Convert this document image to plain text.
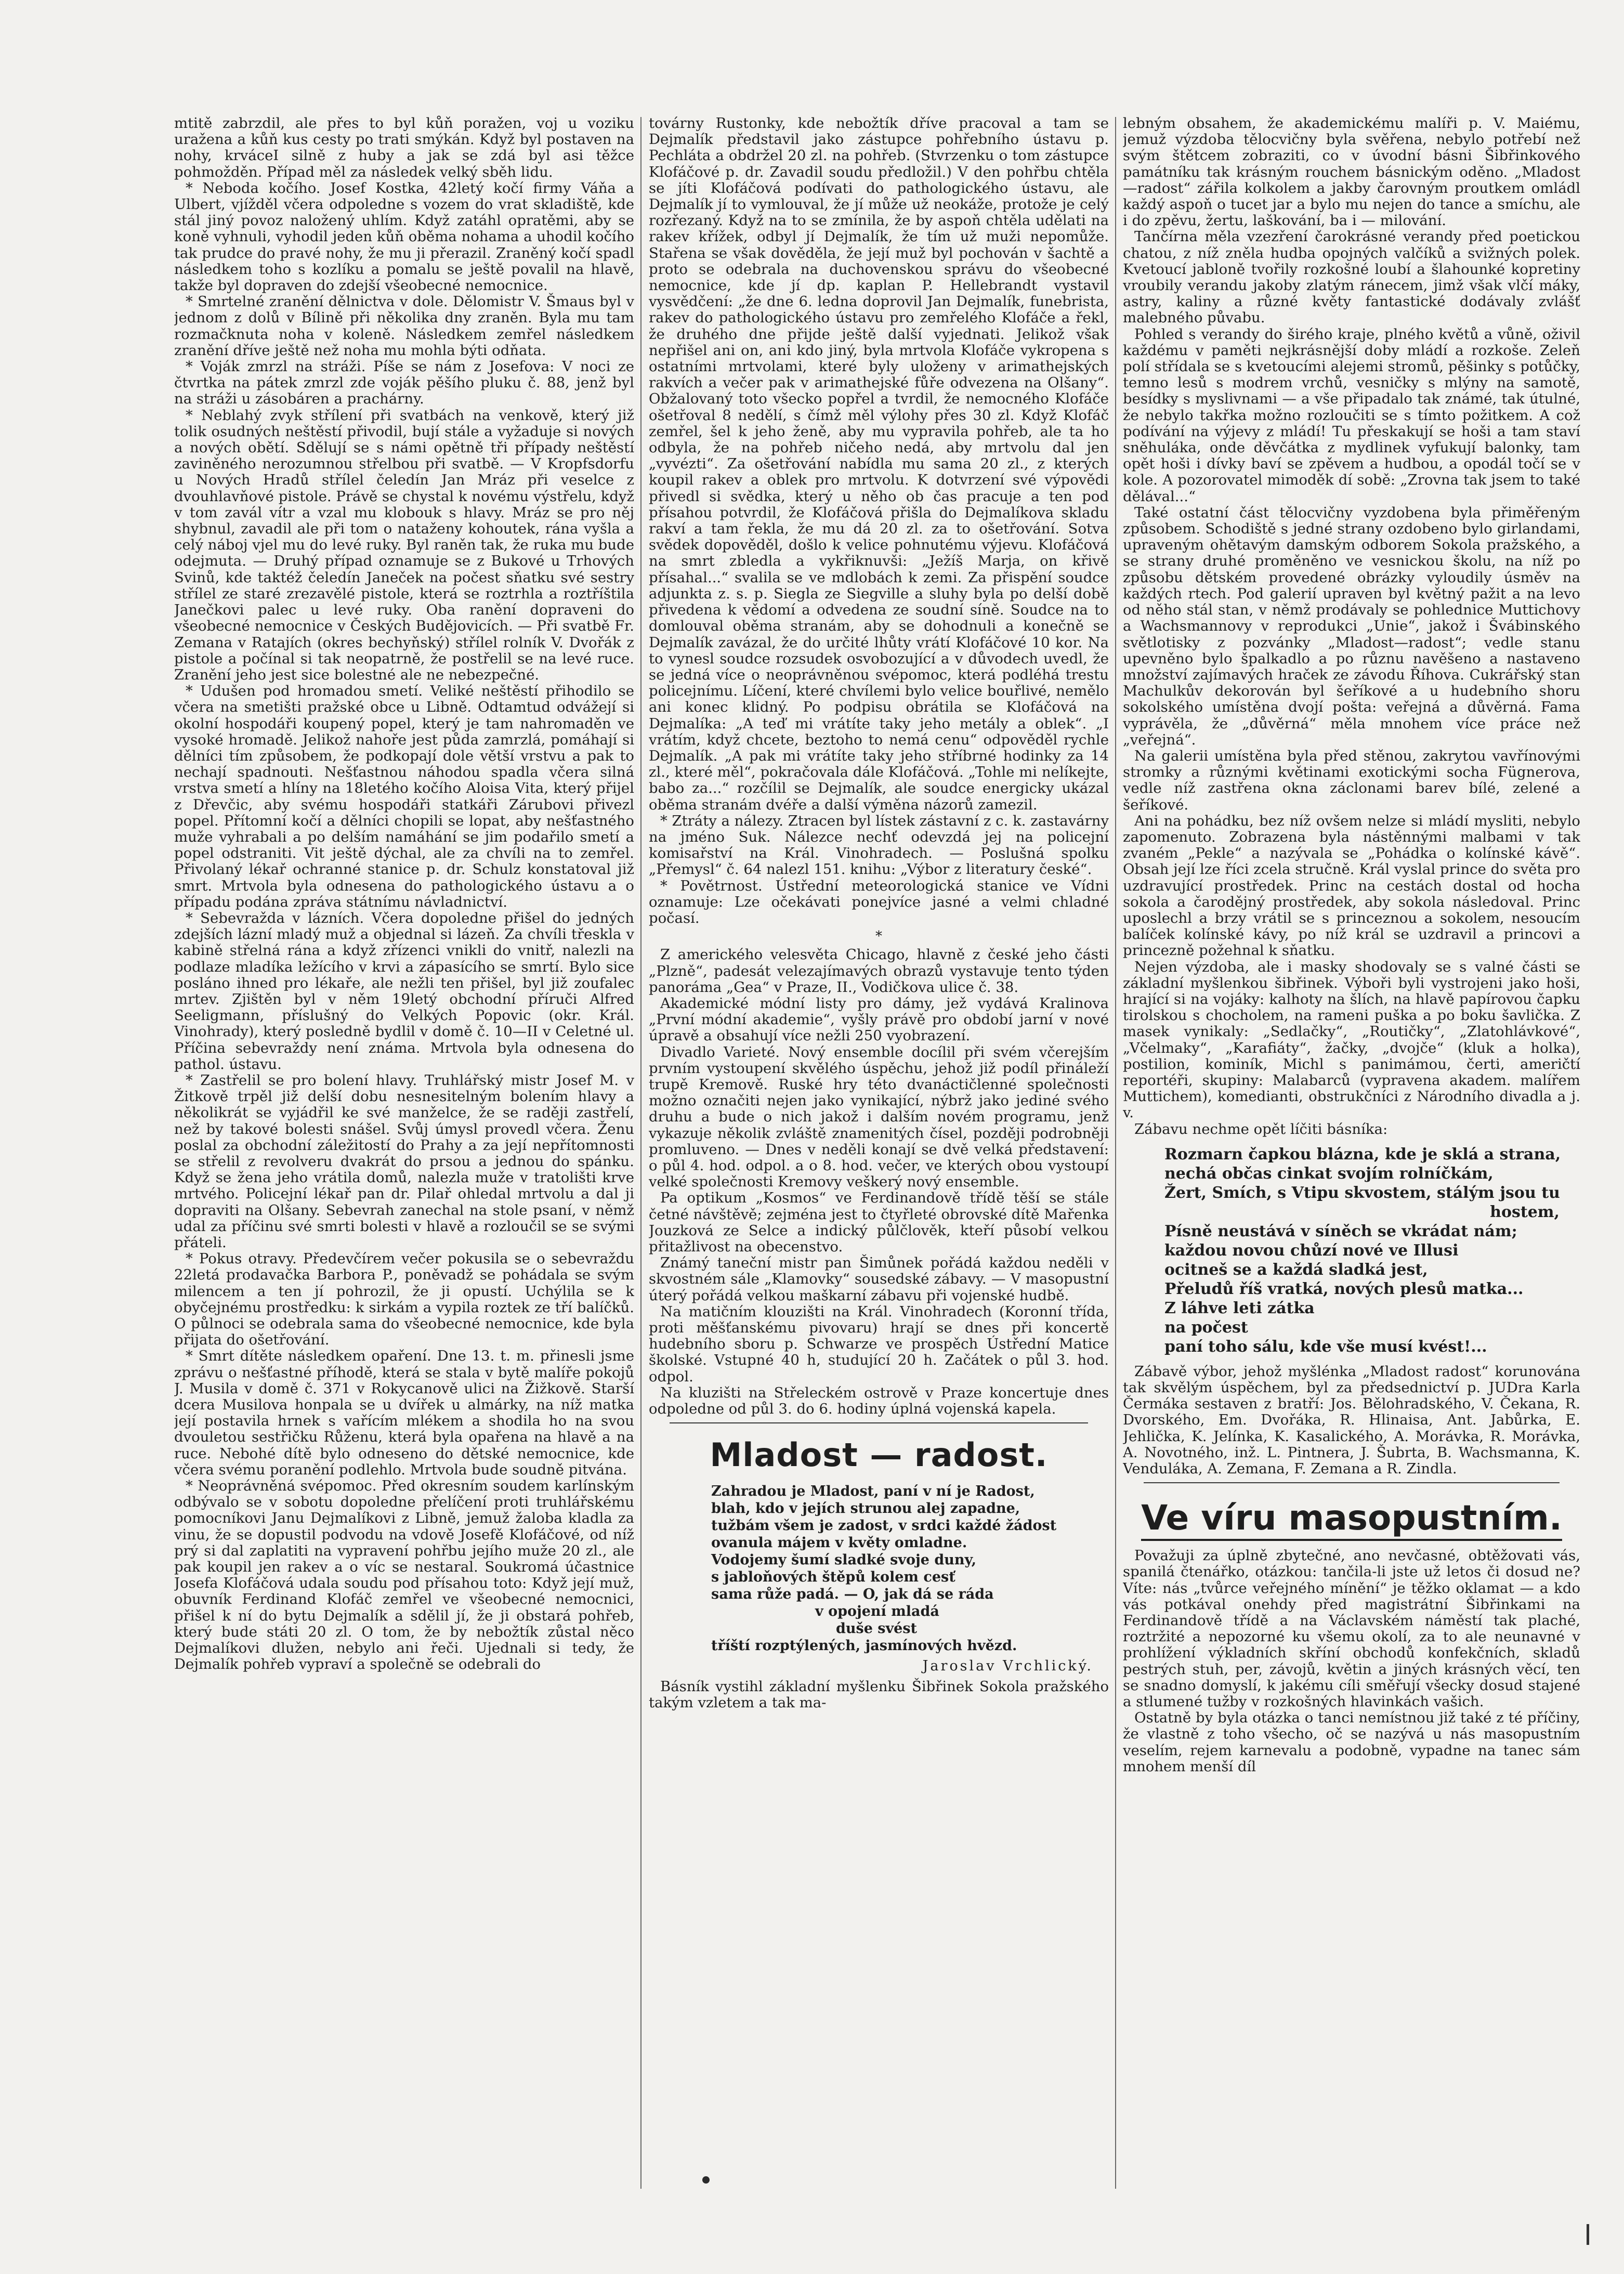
mtitě zabrzdil, ale přes to byl kůň poražen, voj u voziku uražena a kůň kus cesty po trati smýkán. Když byl postaven na nohy, krváceI silně z huby a jak se zdá byl asi těžce pohmožděn. Případ měl za následek velký sběh lidu.

* Neboda kočího. Josef Kostka, 42letý kočí firmy Váňa a Ulbert, vjížděl včera odpoledne s vozem do vrat skladiště, kde stál jiný povoz naložený uhlím. Když zatáhl opratěmi, aby se koně vyhnuli, vyhodil jeden kůň oběma nohama a uhodil kočího tak prudce do pravé nohy, že mu ji přerazil. Zraněný kočí spadl následkem toho s kozlíku a pomalu se ještě povalil na hlavě, takže byl dopraven do zdejší všeobecné nemocnice.

* Smrtelné zranění dělnictva v dole. Dělomistr V. Šmaus byl v jednom z dolů v Bílině při několika dny zraněn. Byla mu tam rozmačknuta noha v koleně. Následkem zemřel následkem zranění dříve ještě než noha mu mohla býti odňata.

* Voják zmrzl na stráži. Píše se nám z Josefova: V noci ze čtvrtka na pátek zmrzl zde voják pěšího pluku č. 88, jenž byl na stráži u zásobáren a prachárny.

* Neblahý zvyk střílení při svatbách na venkově, který již tolik osudných neštěstí přivodil, bují stále a vyžaduje si nových a nových obětí. Sdělují se s námi opětně tři případy neštěstí zaviněného nerozumnou střelbou při svatbě. — V Kropfsdorfu u Nových Hradů střílel čeledín Jan Mráz při veselce z dvouhlavňové pistole. Právě se chystal k novému výstřelu, když v tom zavál vítr a vzal mu klobouk s hlavy. Mráz se pro něj shybnul, zavadil ale při tom o nataženy kohoutek, rána vyšla a celý náboj vjel mu do levé ruky. Byl raněn tak, že ruka mu bude odejmuta. — Druhý případ oznamuje se z Bukové u Trhových Svinů, kde taktéž čeledín Janeček na počest sňatku své sestry střílel ze staré zrezavělé pistole, která se roztrhla a roztříštila Janečkovi palec u levé ruky. Oba ranění dopraveni do všeobecné nemocnice v Českých Budějovicích. — Při svatbě Fr. Zemana v Ratajích (okres bechyňský) střílel rolník V. Dvořák z pistole a počínal si tak neopatrně, že postřelil se na levé ruce. Zranění jeho jest sice bolestné ale ne nebezpečné.

* Udušen pod hromadou smetí. Veliké neštěstí přihodilo se včera na smetišti pražské obce u Libně. Odtamtud odvážejí si okolní hospodáři koupený popel, který je tam nahromaděn ve vysoké hromadě. Jelikož nahoře jest půda zamrzlá, pomáhají si dělníci tím způsobem, že podkopají dole větší vrstvu a pak to nechají spadnouti. Nešťastnou náhodou spadla včera silná vrstva smetí a hlíny na 18letého kočího Aloisa Vita, který přijel z Dřevčic, aby svému hospodáři statkáři Zárubovi přivezl popel. Přítomní kočí a dělníci chopili se lopat, aby nešťastného muže vyhrabali a po delším namáhání se jim podařilo smetí a popel odstraniti. Vit ještě dýchal, ale za chvíli na to zemřel. Přivolaný lékař ochranné stanice p. dr. Schulz konstatoval již smrt. Mrtvola byla odnesena do pathologického ústavu a o případu podána zpráva státnímu návladnictví.

* Sebevražda v lázních. Včera dopoledne přišel do jedných zdejších lázní mladý muž a objednal si lázeň. Za chvíli třeskla v kabině střelná rána a když zřízenci vnikli do vnitř, nalezli na podlaze mladíka ležícího v krvi a zápasícího se smrtí. Bylo sice posláno ihned pro lékaře, ale nežli ten přišel, byl již zoufalec mrtev. Zjištěn byl v něm 19letý obchodní příruči Alfred Seeligmann, příslušný do Velkých Popovic (okr. Král. Vinohrady), který posledně bydlil v domě č. 10—II v Celetné ul. Příčina sebevraždy není známa. Mrtvola byla odnesena do pathol. ústavu.

* Zastřelil se pro bolení hlavy. Truhlářský mistr Josef M. v Žitkově trpěl již delší dobu nesnesitelným bolením hlavy a několikrát se vyjádřil ke své manželce, že se raději zastřelí, než by takové bolesti snášel. Svůj úmysl provedl včera. Ženu poslal za obchodní záležitostí do Prahy a za její nepřítomnosti se střelil z revolveru dvakrát do prsou a jednou do spánku. Když se žena jeho vrátila domů, nalezla muže v tratolišti krve mrtvého. Policejní lékař pan dr. Pilař ohledal mrtvolu a dal ji dopraviti na Olšany. Sebevrah zanechal na stole psaní, v němž udal za příčinu své smrti bolesti v hlavě a rozloučil se se svými přáteli.

* Pokus otravy. Předevčírem večer pokusila se o sebevraždu 22letá prodavačka Barbora P., poněvadž se pohádala se svým milencem a ten jí pohrozil, že ji opustí. Uchýlila se k obyčejnému prostředku: k sirkám a vypila roztek ze tří balíčků. O půlnoci se odebrala sama do všeobecné nemocnice, kde byla přijata do ošetřování.

* Smrt dítěte následkem opaření. Dne 13. t. m. přinesli jsme zprávu o nešťastné příhodě, která se stala v bytě malíře pokojů J. Musila v domě č. 371 v Rokycanově ulici na Žižkově. Starší dcera Musilova honpala se u dvířek u almárky, na níž matka její postavila hrnek s vařícím mlékem a shodila ho na svou dvouletou sestřičku Růženu, která byla opařena na hlavě a na ruce. Nebohé dítě bylo odneseno do dětské nemocnice, kde včera svému poranění podlehlo. Mrtvola bude soudně pitvána.

* Neoprávněná svépomoc. Před okresním soudem karlínským odbývalo se v sobotu dopoledne přelíčení proti truhlářskému pomocníkovi Janu Dejmalíkovi z Libně, jemuž žaloba kladla za vinu, že se dopustil podvodu na vdově Josefě Klofáčové, od níž prý si dal zaplatiti na vypravení pohřbu jejího muže 20 zl., ale pak koupil jen rakev a o víc se nestaral. Soukromá účastnice Josefa Klofáčová udala soudu pod přísahou toto: Když její muž, obuvník Ferdinand Klofáč zemřel ve všeobecné nemocnici, přišel k ní do bytu Dejmalík a sdělil jí, že ji obstará pohřeb, který bude státi 20 zl. O tom, že by nebožtík zůstal něco Dejmalíkovi dlužen, nebylo ani řeči. Ujednali si tedy, že Dejmalík pohřeb vypraví a společně se odebrali do

továrny Rustonky, kde nebožtík dříve pracoval a tam se Dejmalík představil jako zástupce pohřebního ústavu p. Pechláta a obdržel 20 zl. na pohřeb. (Stvrzenku o tom zástupce Klofáčové p. dr. Zavadil soudu předložil.) V den pohřbu chtěla se jíti Klofáčová podívati do pathologického ústavu, ale Dejmalík jí to vymlouval, že jí může už neokáže, protože je celý rozřezaný. Když na to se zmínila, že by aspoň chtěla udělati na rakev křížek, odbyl jí Dejmalík, že tím už muži nepomůže. Stařena se však dověděla, že její muž byl pochován v šachtě a proto se odebrala na duchovenskou správu do všeobecné nemocnice, kde jí dp. kaplan P. Hellebrandt vystavil vysvědčení: „že dne 6. ledna doprovil Jan Dejmalík, funebrista, rakev do pathologického ústavu pro zemřelého Klofáče a řekl, že druhého dne přijde ještě další vyjednati. Jelikož však nepřišel ani on, ani kdo jiný, byla mrtvola Klofáče vykropena s ostatními mrtvolami, které byly uloženy v arimathejských rakvích a večer pak v arimathejské fůře odvezena na Olšany“. Obžalovaný toto všecko popřel a tvrdil, že nemocného Klofáče ošetřoval 8 nedělí, s čímž měl výlohy přes 30 zl. Když Klofáč zemřel, šel k jeho ženě, aby mu vypravila pohřeb, ale ta ho odbyla, že na pohřeb ničeho nedá, aby mrtvolu dal jen „vyvézti“. Za ošetřování nabídla mu sama 20 zl., z kterých koupil rakev a oblek pro mrtvolu. K dotvrzení své výpovědi přivedl si svědka, který u něho ob čas pracuje a ten pod přísahou potvrdil, že Klofáčová přišla do Dejmalíkova skladu rakví a tam řekla, že mu dá 20 zl. za to ošetřování. Sotva svědek dopověděl, došlo k velice pohnutému výjevu. Klofáčová na smrt zbledla a vykřiknuvši: „Ježíš Marja, on křivě přísahal...“ svalila se ve mdlobách k zemi. Za přispění soudce adjunkta z. s. p. Siegla ze Siegville a sluhy byla po delší době přivedena k vědomí a odvedena ze soudní síně. Soudce na to domlouval oběma stranám, aby se dohodnuli a konečně se Dejmalík zavázal, že do určité lhůty vrátí Klofáčové 10 kor. Na to vynesl soudce rozsudek osvobozující a v důvodech uvedl, že se jedná více o neoprávněnou svépomoc, která podléhá trestu policejnímu. Líčení, které chvílemi bylo velice bouřlivé, nemělo ani konec klidný. Po podpisu obrátila se Klofáčová na Dejmalíka: „A teď mi vrátíte taky jeho metály a oblek“. „I vrátím, když chcete, beztoho to nemá cenu“ odpověděl rychle Dejmalík. „A pak mi vrátíte taky jeho stříbrné hodinky za 14 zl., které měl“, pokračovala dále Klofáčová. „Tohle mi nelíkejte, babo za...“ rozčílil se Dejmalík, ale soudce energicky ukázal oběma stranám dvéře a další výměna názorů zamezil.

* Ztráty a nálezy. Ztracen byl lístek zástavní z c. k. zastavárny na jméno Suk. Nálezce nechť odevzdá jej na policejní komisařství na Král. Vinohradech. — Poslušná spolku „Přemysl“ č. 64 nalezl 151. knihu: „Výbor z literatury české“.

* Povětrnost. Ústřední meteorologická stanice ve Vídni oznamuje: Lze očekávati ponejvíce jasné a velmi chladné počasí.

*

Z amerického velesvěta Chicago, hlavně z české jeho části „Plzně“, padesát velezajímavých obrazů vystavuje tento týden panoráma „Gea“ v Praze, II., Vodičkova ulice č. 38.

Akademické módní listy pro dámy, jež vydává Kralinova „První módní akademie“, vyšly právě pro období jarní v nové úpravě a obsahují více nežli 250 vyobrazení.

Divadlo Varieté. Nový ensemble docílil při svém včerejším prvním vystoupení skvělého úspěchu, jehož již podíl přináleží trupě Kremově. Ruské hry této dvanáctičlenné společnosti možno označiti nejen jako vynikající, nýbrž jako jediné svého druhu a bude o nich jakož i dalším novém programu, jenž vykazuje několik zvláště znamenitých čísel, později podrobněji promluveno. — Dnes v neděli konají se dvě velká představení: o půl 4. hod. odpol. a o 8. hod. večer, ve kterých obou vystoupí velké společnosti Kremovy veškerý nový ensemble.

Pa optikum „Kosmos“ ve Ferdinandově třídě těší se stále četné návštěvě; zejména jest to čtyřleté obrovské dítě Mařenka Jouzková ze Selce a indický půlčlověk, kteří působí velkou přitažlivost na obecenstvo.

Známý taneční mistr pan Šimůnek pořádá každou neděli v skvostném sále „Klamovky“ sousedské zábavy. — V masopustní úterý pořádá velkou maškarní zábavu při vojenské hudbě.

Na matičním klouzišti na Král. Vinohradech (Koronní třída, proti měšťanskému pivovaru) hrají se dnes při koncertě hudebního sboru p. Schwarze ve prospěch Ústřední Matice školské. Vstupné 40 h, studující 20 h. Začátek o půl 3. hod. odpol.

Na kluzišti na Střeleckém ostrově v Praze koncertuje dnes odpoledne od půl 3. do 6. hodiny úplná vojenská kapela.

Mladost — radost.
Zahradou je Mladost, paní v ní je Radost,
blah, kdo v jejích strunou alej zapadne,
tužbám všem je zadost, v srdci každé žádost
ovanula májem v květy omladne.
Vodojemy šumí sladké svoje duny,
s jabloňových štěpů kolem cesť
sama růže padá. — O, jak dá se ráda
v opojení mladá
duše svést
tříští rozptýlených, jasmínových hvězd.
Jaroslav Vrchlický.

Básník vystihl základní myšlenku Šibřinek Sokola pražského takým vzletem a tak ma-

lebným obsahem, že akademickému malíři p. V. Maiému, jemuž výzdoba tělocvičny byla svěřena, nebylo potřebí než svým štětcem zobraziti, co v úvodní básni Šibřinkového památníku tak krásným rouchem básnickým oděno. „Mladost—radost“ zářila kolkolem a jakby čarovným proutkem omládl každý aspoň o tucet jar a bylo mu nejen do tance a smíchu, ale i do zpěvu, žertu, laškování, ba i — milování.

Tančírna měla vzezření čarokrásné verandy před poetickou chatou, z níž zněla hudba opojných valčíků a svižných polek. Kvetoucí jabloně tvořily rozkošné loubí a šlahounké kopretiny vroubily verandu jakoby zlatým ránecem, jimž však vlčí máky, astry, kaliny a různé květy fantastické dodávaly zvlášť malebného půvabu.

Pohled s verandy do širého kraje, plného květů a vůně, oživil každému v paměti nejkrásnější doby mládí a rozkoše. Zeleň polí střídala se s kvetoucími alejemi stromů, pěšinky s potůčky, temno lesů s modrem vrchů, vesničky s mlýny na samotě, besídky s myslivnami — a vše připadalo tak známé, tak útulné, že nebylo takřka možno rozloučiti se s tímto požitkem. A což podívání na výjevy z mládí! Tu přeskakují se hoši a tam staví sněhuláka, onde děvčátka z mydlinek vyfukují balonky, tam opět hoši i dívky baví se zpěvem a hudbou, a opodál točí se v kole. A pozorovatel mimoděk dí sobě: „Zrovna tak jsem to také dělával...“

Také ostatní část tělocvičny vyzdobena byla přiměřeným způsobem. Schodiště s jedné strany ozdobeno bylo girlandami, upraveným ohětavým damským odborem Sokola pražského, a se strany druhé proměněno ve vesnickou školu, na níž po způsobu dětském provedené obrázky vyloudily úsměv na každých rtech. Pod galerií upraven byl květný pažit a na levo od něho stál stan, v němž prodávaly se pohlednice Muttichovy a Wachsmannovy v reprodukci „Unie“, jakož i Švábinského světlotisky z pozvánky „Mladost—radost“; vedle stanu upevněno bylo špalkadlo a po různu navěšeno a nastaveno množství zajímavých hraček ze závodu Říhova. Cukrářský stan Machulkův dekorován byl šeříkové a u hudebního shoru sokolského umístěna dvojí pošta: veřejná a důvěrná. Fama vyprávěla, že „důvěrná“ měla mnohem více práce než „veřejná“.

Na galerii umístěna byla před stěnou, zakrytou vavřínovými stromky a různými květinami exotickými socha Fügnerova, vedle níž zastřena okna záclonami barev bílé, zelené a šeříkové.

Ani na pohádku, bez níž ovšem nelze si mládí mysliti, nebylo zapomenuto. Zobrazena byla nástěnnými malbami v tak zvaném „Pekle“ a nazývala se „Pohádka o kolínské kávě“. Obsah její lze říci zcela stručně. Král vyslal prince do světa pro uzdravující prostředek. Princ na cestách dostal od hocha sokola a čarodějný prostředek, aby sokola následoval. Princ uposlechl a brzy vrátil se s princeznou a sokolem, nesoucím balíček kolínské kávy, po níž král se uzdravil a princovi a princezně požehnal k sňatku.

Nejen výzdoba, ale i masky shodovaly se s valné části se základní myšlenkou šibřinek. Výboři byli vystrojeni jako hoši, hrající si na vojáky: kalhoty na šlích, na hlavě papírovou čapku tirolskou s chocholem, na rameni puška a po boku šavlička. Z masek vynikaly: „Sedlačky“, „Routičky“, „Zlatohlávkové“, „Včelmaky“, „Karafiáty“, žačky, „dvojče“ (kluk a holka), postilion, kominík, Michl s panimámou, čerti, američtí reportéři, skupiny: Malabarců (vypravena akadem. malířem Muttichem), komedianti, obstrukčníci z Národního divadla a j. v.

Zábavu nechme opět líčiti básníka:

Rozmarn čapkou blázna, kde je sklá a strana,
nechá občas cinkat svojím rolníčkám,
Žert, Smích, s Vtipu skvostem, stálým jsou tu
hostem,
Písně neustává v síněch se vkrádat nám;
každou novou chůzí nové ve Illusi
ocitneš se a každá sladká jest,
Přeludů říš vratká, nových plesů matka...
Z láhve leti zátka
na počest
paní toho sálu, kde vše musí kvést!...

Zábavě výbor, jehož myšlénka „Mladost radost“ korunována tak skvělým úspěchem, byl za předsednictví p. JUDra Karla Čermáka sestaven z bratří: Jos. Bělohradského, V. Čekana, R. Dvorského, Em. Dvořáka, R. Hlinaisa, Ant. Jabůrka, E. Jehlička, K. Jelínka, K. Kasalického, A. Morávka, R. Morávka, A. Novotného, inž. L. Pintnera, J. Šubrta, B. Wachsmanna, K. Venduláka, A. Zemana, F. Zemana a R. Zindla.

Ve víru masopustním.

Považuji za úplně zbytečné, ano nevčasné, obtěžovati vás, spanilá čtenářko, otázkou: tančila-li jste už letos či dosud ne? Víte: nás „tvůrce veřejného mínění“ je těžko oklamat — a kdo vás potkával onehdy před magistrátní Šibřinkami na Ferdinandově třídě a na Václavském náměstí tak plaché, roztržité a nepozorné ku všemu okolí, za to ale neunavné v prohlížení výkladních skříní obchodů konfekčních, skladů pestrých stuh, per, závojů, květin a jiných krásných věcí, ten se snadno domyslí, k jakému cíli směřují všecky dosud stajené a stlumené tužby v rozkošných hlavinkách vašich.

Ostatně by byla otázka o tanci nemístnou již také z té příčiny, že vlastně z toho všecho, oč se nazývá u nás masopustním veselím, rejem karnevalu a podobně, vypadne na tanec sám mnohem menší díl
